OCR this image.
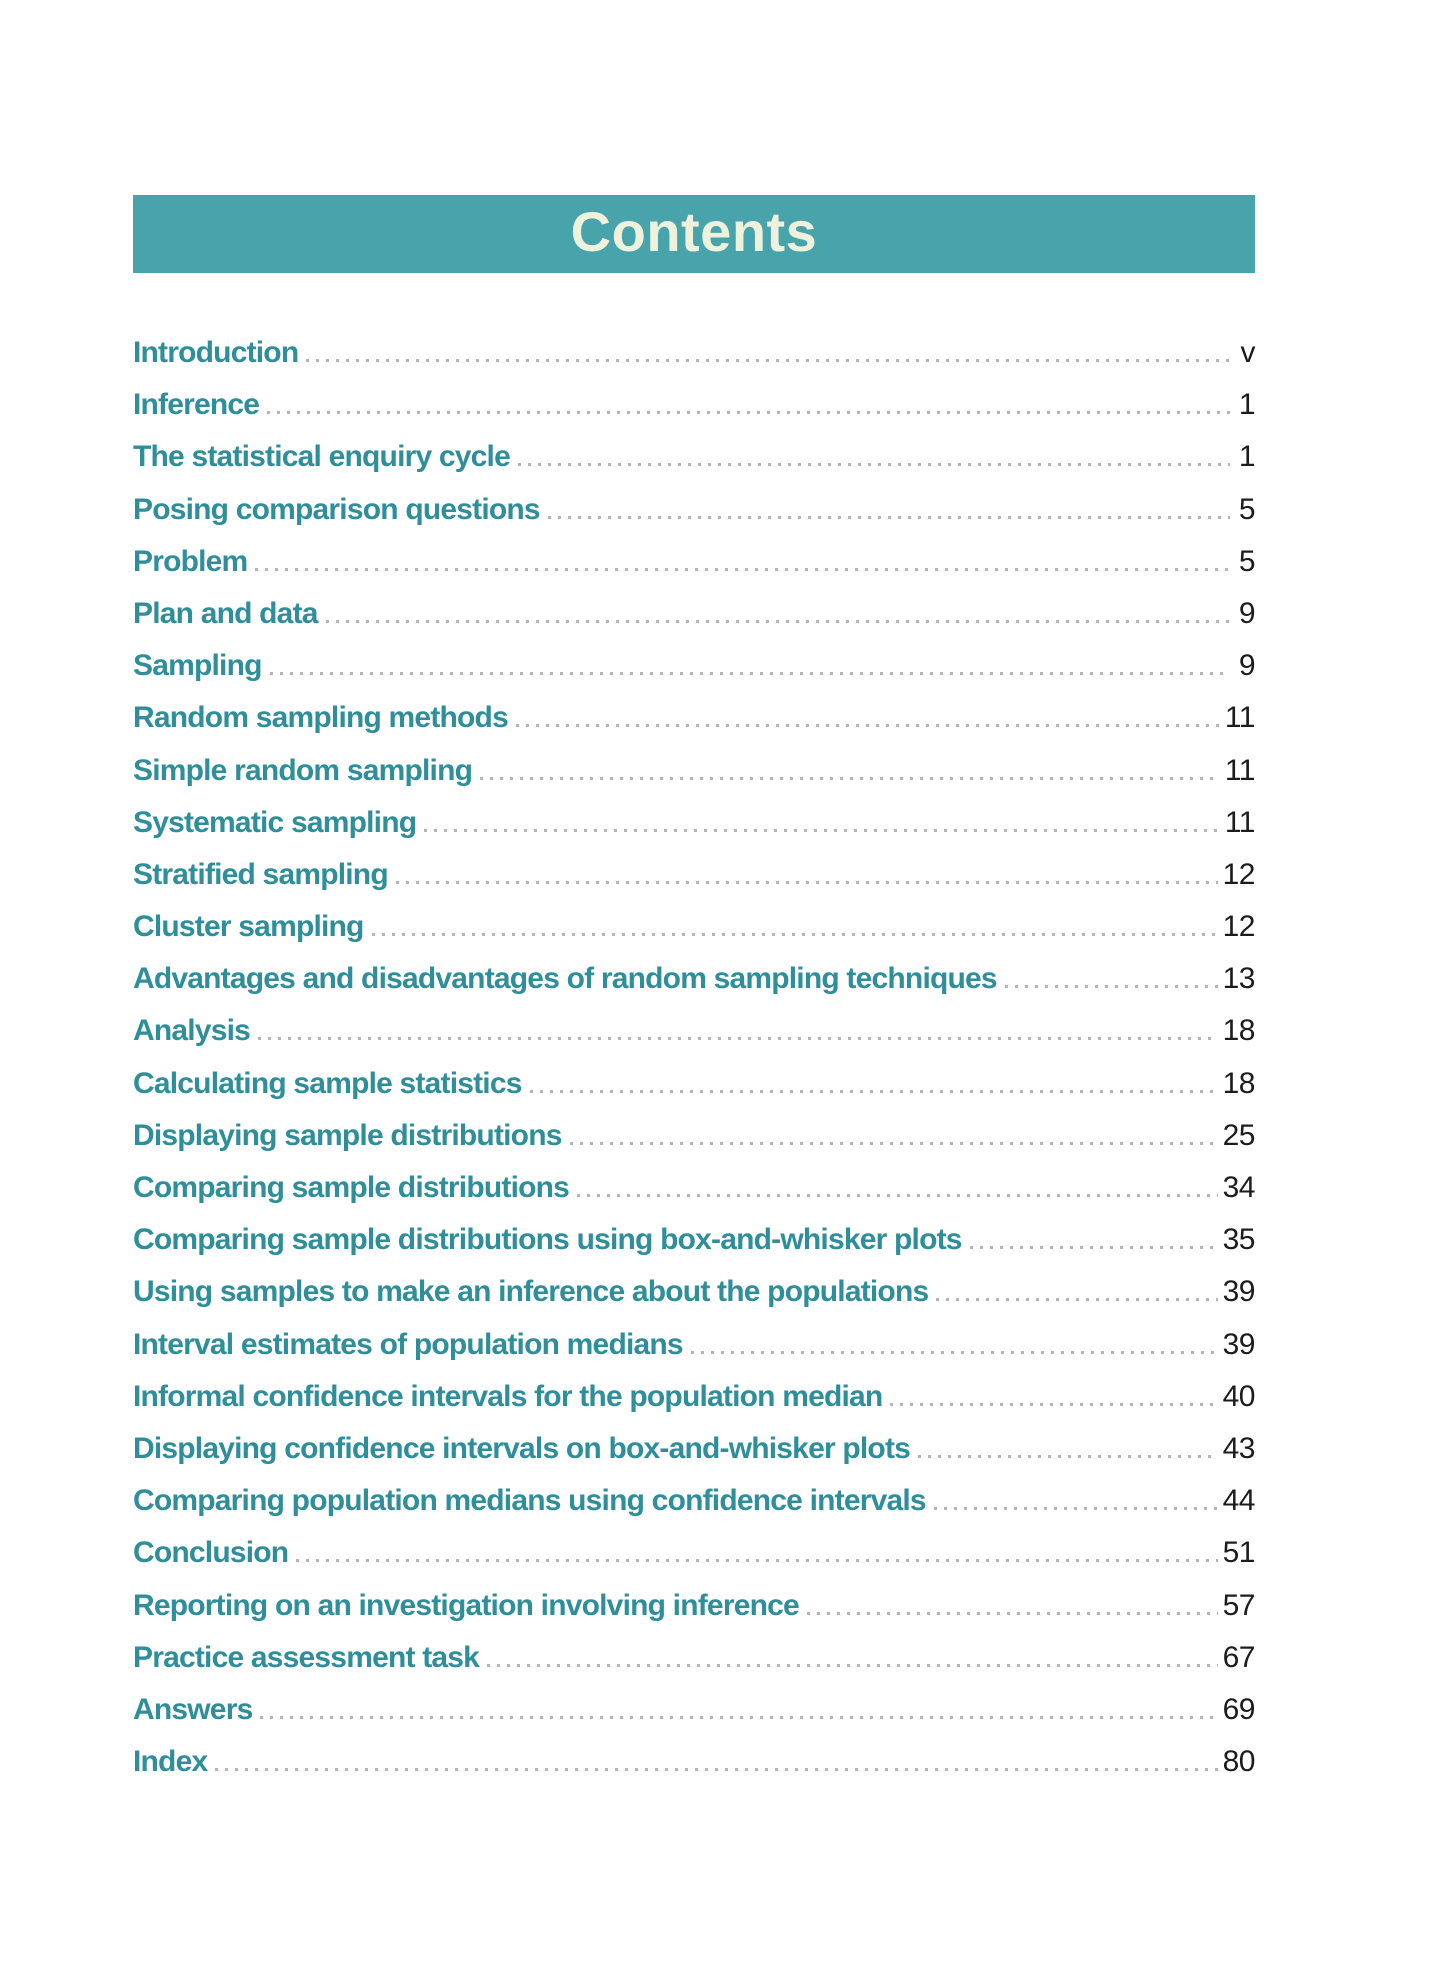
Contents
Introduction	v
Inference	1
The statistical enquiry cycle	1
Posing comparison questions	5
Problem	5
Plan and data	9
Sampling	9
Random sampling methods	11
Simple random sampling	11
Systematic sampling	11
Stratified sampling	12
Cluster sampling	12
Advantages and disadvantages of random sampling techniques	13
Analysis	18
Calculating sample statistics	18
Displaying sample distributions	25
Comparing sample distributions	34
Comparing sample distributions using box-and-whisker plots	35
Using samples to make an inference about the populations	39
Interval estimates of population medians	39
Informal confidence intervals for the population median	40
Displaying confidence intervals on box-and-whisker plots	43
Comparing population medians using confidence intervals	44
Conclusion	51
Reporting on an investigation involving inference	57
Practice assessment task	67
Answers	69
Index	80
